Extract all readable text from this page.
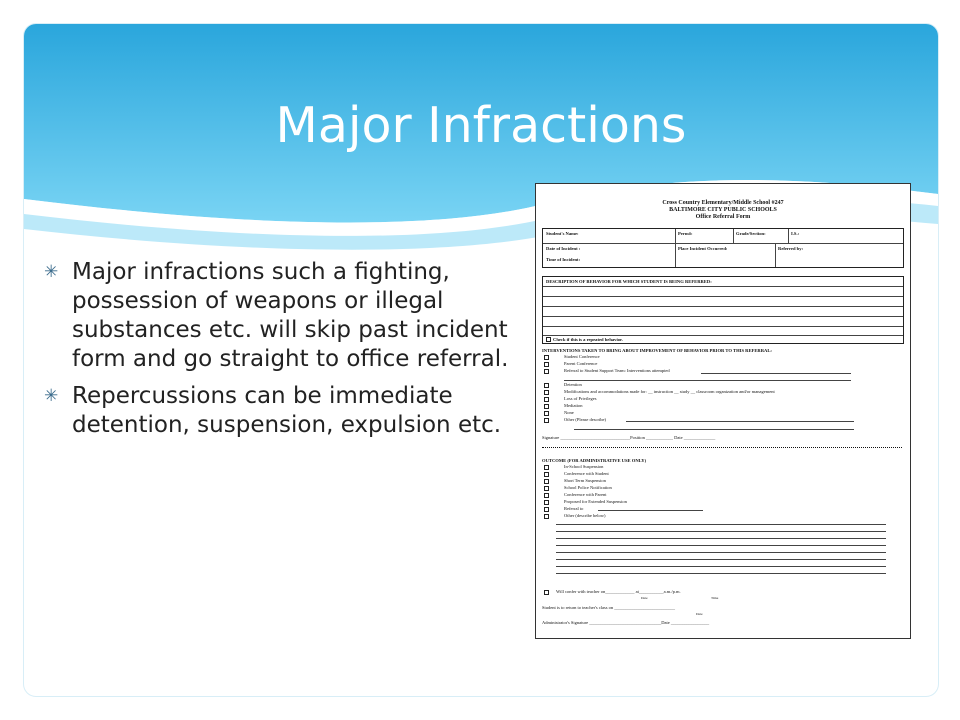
Major Infractions
✳ Major infractions such a fighting, possession of weapons or illegal substances etc. will skip past incident form and go straight to office referral.
✳ Repercussions can be immediate detention, suspension, expulsion etc.
Cross Country Elementary/Middle School #247
BALTIMORE CITY PUBLIC SCHOOLS
Office Referral Form
Student's Name:	Perm#:	Grade/Section:	I.S.:
Date of Incident :	Place Incident Occurred:	Referred by:
Time of Incident:
DESCRIPTION OF BEHAVIOR FOR WHICH STUDENT IS BEING REFERRED:
Check if this is a repeated behavior.
INTERVENTIONS TAKEN TO BRING ABOUT IMPROVEMENT OF BEHAVIOR PRIOR TO THIS REFERRAL:
Student Conference
Parent Conference
Referral to Student Support Team: Interventions attempted
Detention
Modifications and accommodations made for: __ instruction __ study __ classroom organization and/or management
Loss of Privileges
Mediation
None
Other (Please describe)
Signature _______________________________Position ____________ Date ______________
OUTCOME (FOR ADMINISTRATIVE USE ONLY)
In-School Suspension
Conference with Student
Short Term Suspension
School Police Notification
Conference with Parent
Proposed for Extended Suspension
Referral to
Other (describe below)
Will confer with teacher on_____________ at___________a.m./p.m.
Date	Time
Student is to return to teacher's class on ___________________________
Date
Administrator's Signature ________________________________Date _________________
